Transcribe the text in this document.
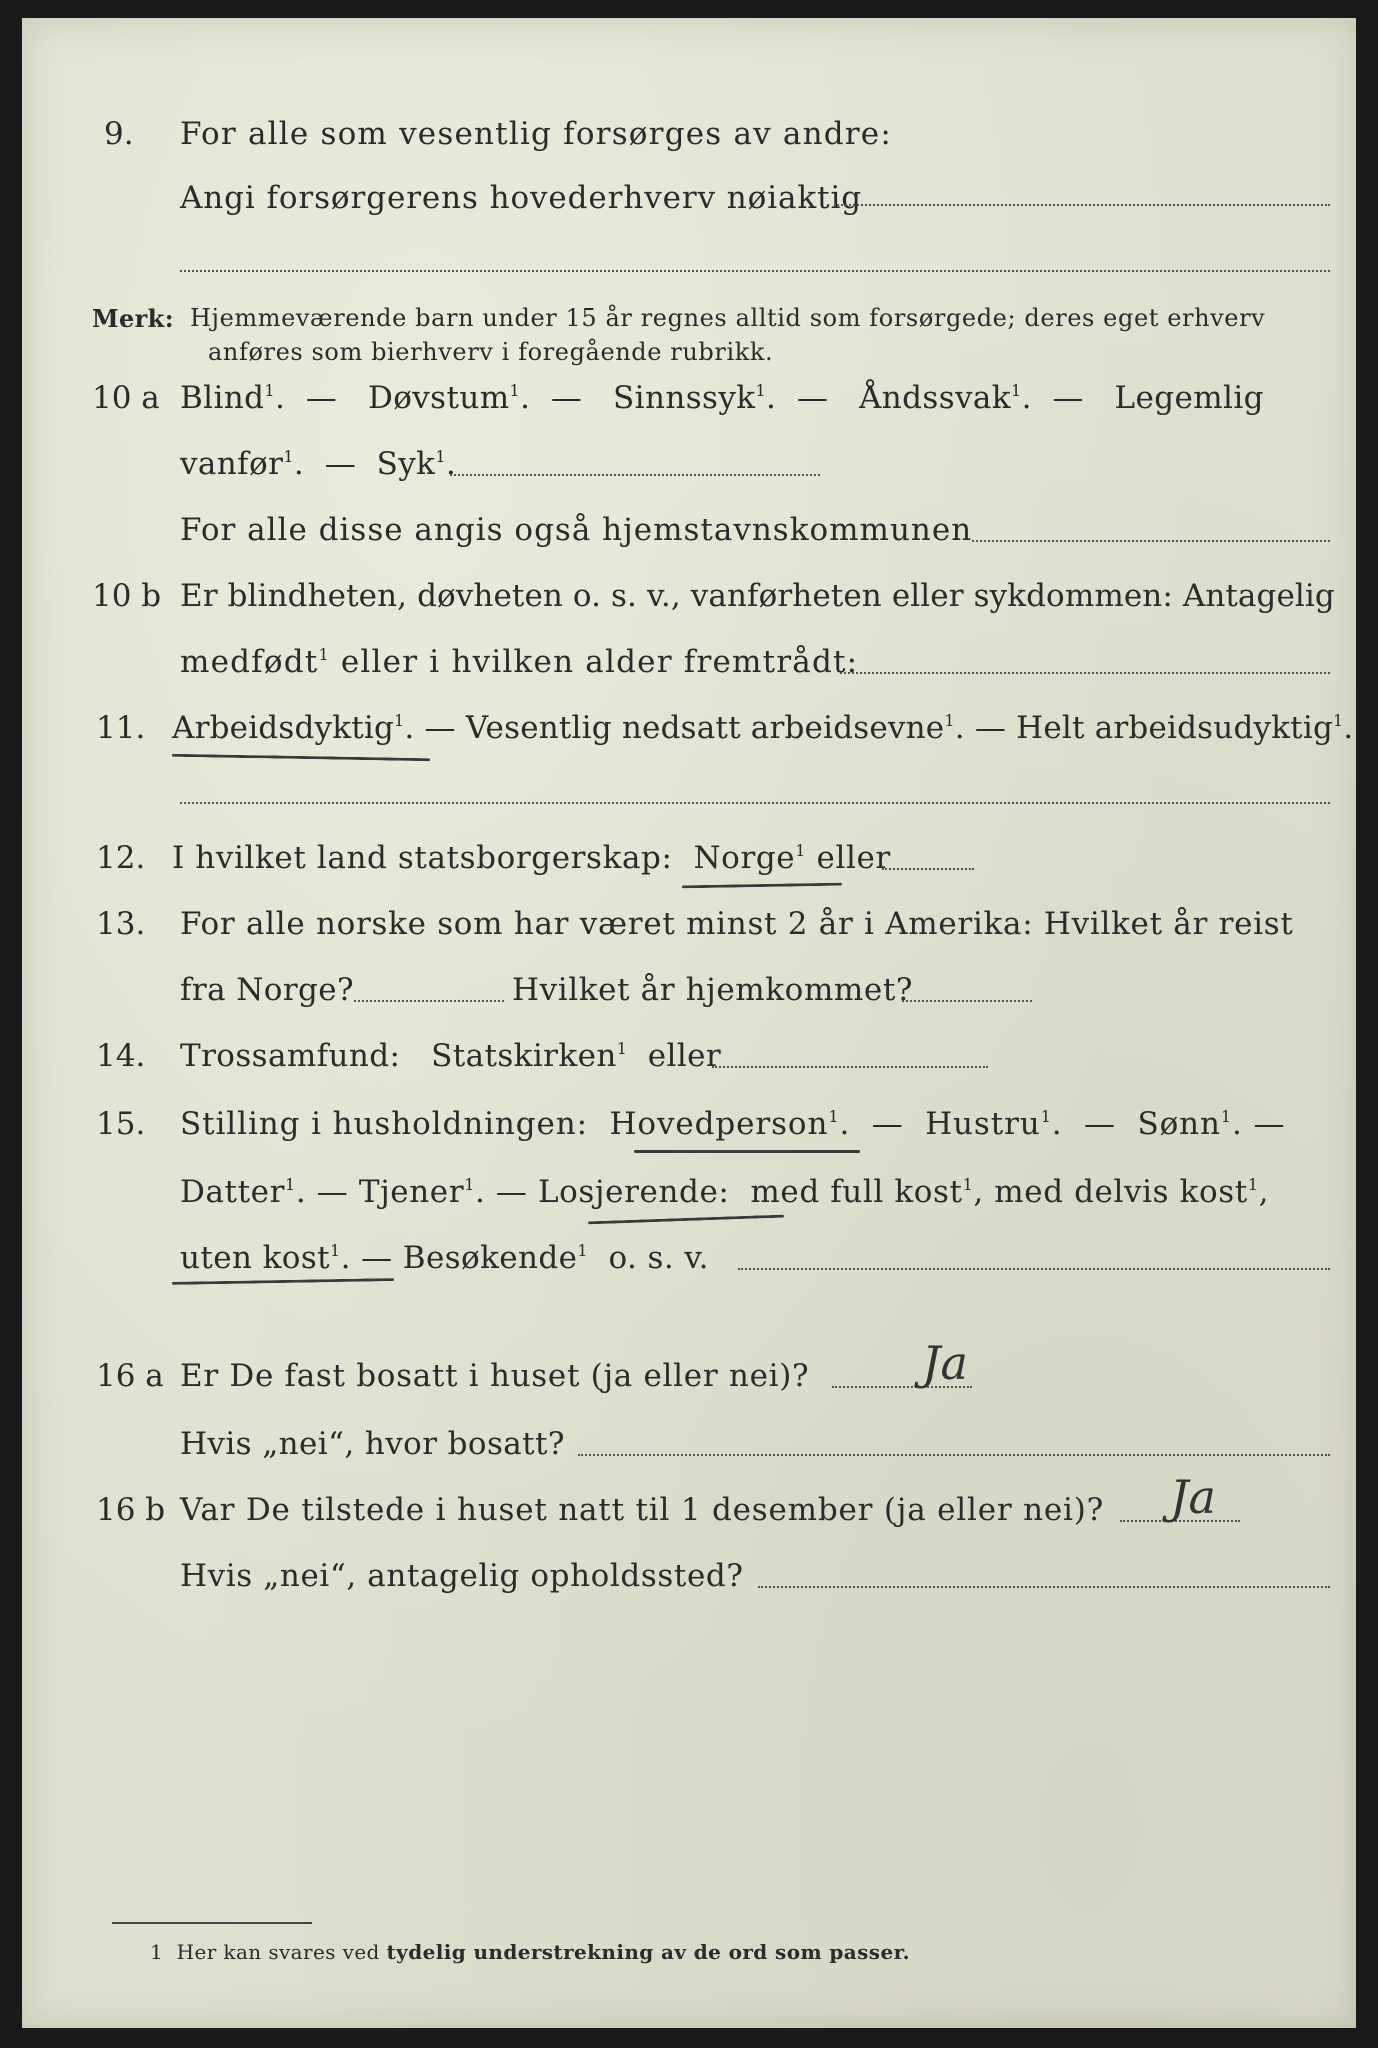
9. For alle som vesentlig forsørges av andre:
Angi forsørgerens hovederhverv nøiaktig
Merk: Hjemmeværende barn under 15 år regnes alltid som forsørgede; deres eget erhverv
anføres som bierhverv i foregående rubrikk.
10 a Blind$^1$.  — Døvstum$^1$.  — Sinnssyk$^1$.  — Åndssvak$^1$.  — Legemlig
vanfør$^1$.  — Syk$^1$.
For alle disse angis også hjemstavnskommunen
10 b Er blindheten, døvheten o. s. v., vanførheten eller sykdommen: Antagelig
medfødt$^1$ eller i hvilken alder fremtrådt:
11. Arbeidsdyktig$^1$. — Vesentlig nedsatt arbeidsevne$^1$. — Helt arbeidsudyktig$^1$.
12. I hvilket land statsborgerskap: Norge$^1$ eller
13. For alle norske som har været minst 2 år i Amerika: Hvilket år reist
fra Norge?	Hvilket år hjemkommet?
14. Trossamfund: Statskirken$^1$ eller
15. Stilling i husholdningen: Hovedperson$^1$.  — Hustru$^1$.  — Sønn$^1$. —
Datter$^1$. — Tjener$^1$. — Losjerende: med full kost$^1$, med delvis kost$^1$,
uten kost$^1$. — Besøkende$^1$ o. s. v.
16 a Er De fast bosatt i huset (ja eller nei)? Ja
Hvis „nei“, hvor bosatt?
16 b Var De tilstede i huset natt til 1 desember (ja eller nei)? Ja
Hvis „nei“, antagelig opholdssted?
1 Her kan svares ved tydelig understrekning av de ord som passer.
